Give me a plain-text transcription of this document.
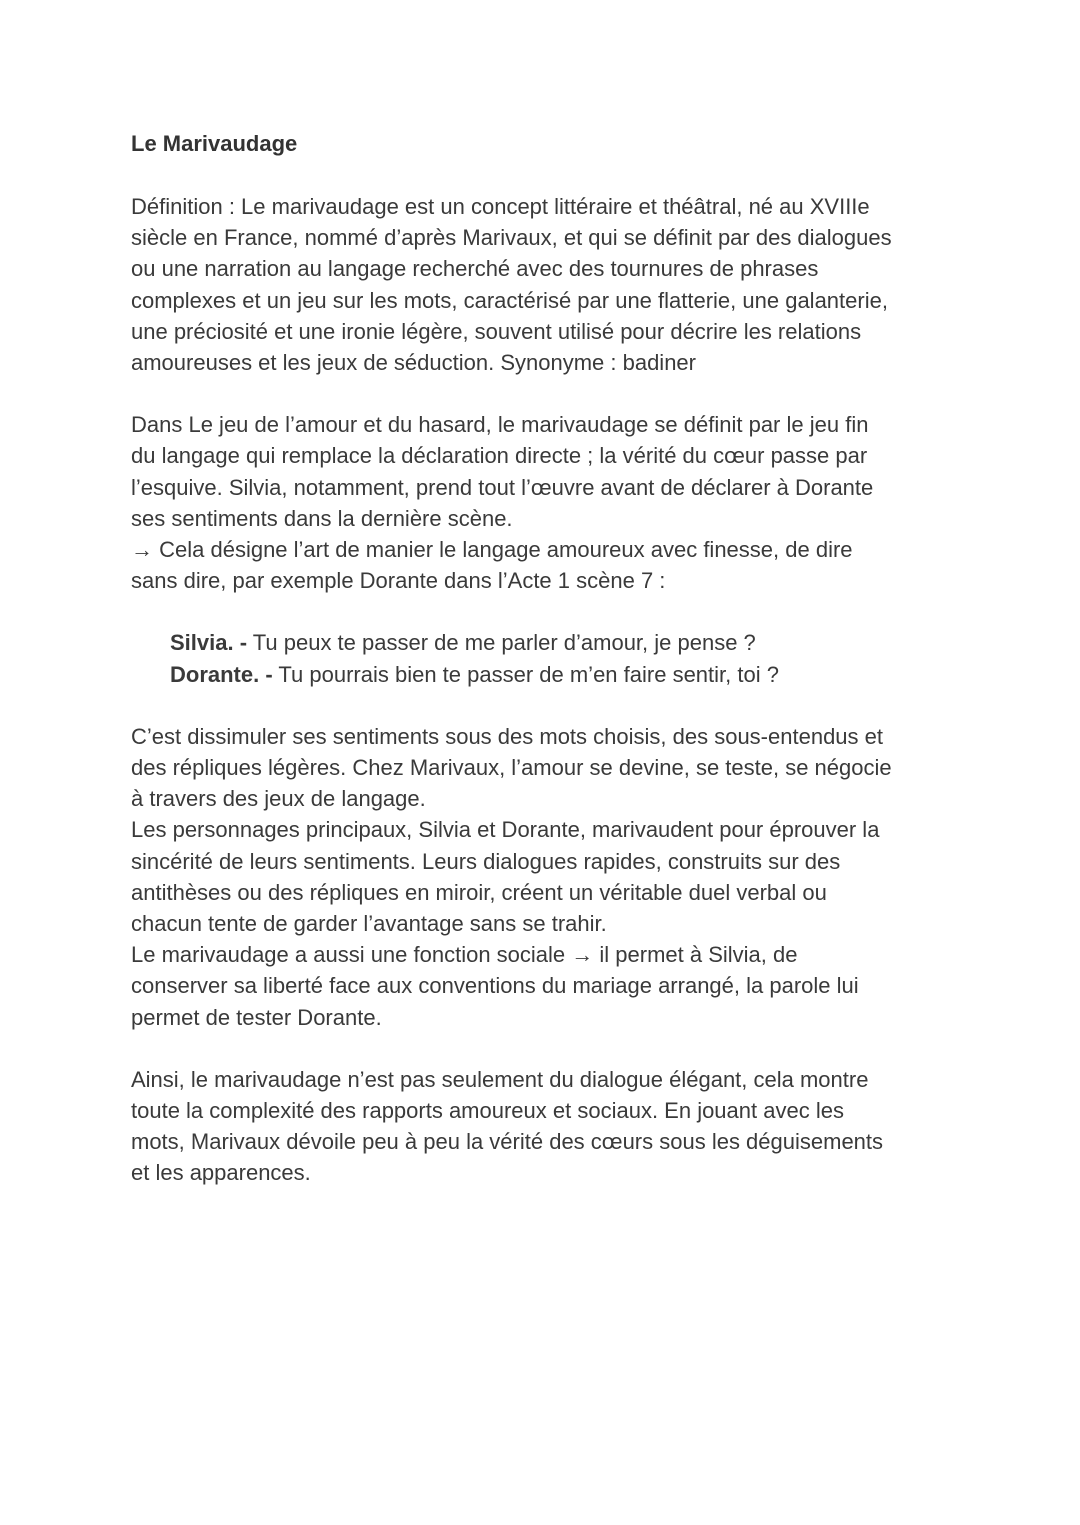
Le Marivaudage

Définition : Le marivaudage est un concept littéraire et théâtral, né au XVIIIe
siècle en France, nommé d’après Marivaux, et qui se définit par des dialogues
ou une narration au langage recherché avec des tournures de phrases
complexes et un jeu sur les mots, caractérisé par une flatterie, une galanterie,
une préciosité et une ironie légère, souvent utilisé pour décrire les relations
amoureuses et les jeux de séduction. Synonyme : badiner

Dans Le jeu de l’amour et du hasard, le marivaudage se définit par le jeu fin
du langage qui remplace la déclaration directe ; la vérité du cœur passe par
l’esquive. Silvia, notamment, prend tout l’œuvre avant de déclarer à Dorante
ses sentiments dans la dernière scène.
→ Cela désigne l’art de manier le langage amoureux avec finesse, de dire
sans dire, par exemple Dorante dans l’Acte 1 scène 7 :

Silvia. - Tu peux te passer de me parler d’amour, je pense ?
Dorante. - Tu pourrais bien te passer de m’en faire sentir, toi ?

C’est dissimuler ses sentiments sous des mots choisis, des sous-entendus et
des répliques légères. Chez Marivaux, l’amour se devine, se teste, se négocie
à travers des jeux de langage.
Les personnages principaux, Silvia et Dorante, marivaudent pour éprouver la
sincérité de leurs sentiments. Leurs dialogues rapides, construits sur des
antithèses ou des répliques en miroir, créent un véritable duel verbal ou
chacun tente de garder l’avantage sans se trahir.
Le marivaudage a aussi une fonction sociale → il permet à Silvia, de
conserver sa liberté face aux conventions du mariage arrangé, la parole lui
permet de tester Dorante.

Ainsi, le marivaudage n’est pas seulement du dialogue élégant, cela montre
toute la complexité des rapports amoureux et sociaux. En jouant avec les
mots, Marivaux dévoile peu à peu la vérité des cœurs sous les déguisements
et les apparences.
